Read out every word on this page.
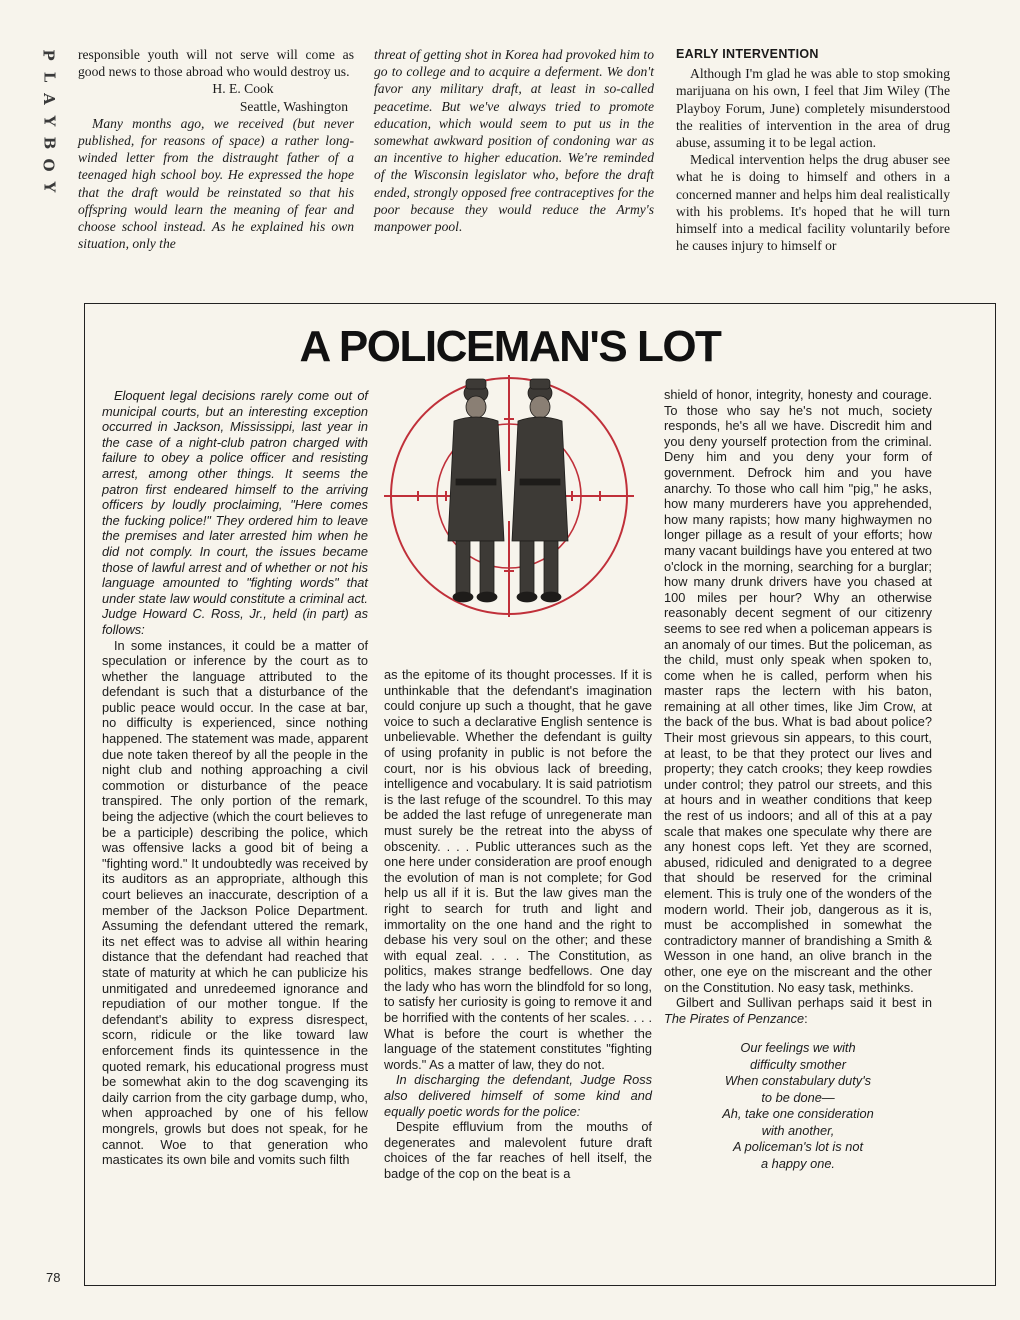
P
L
A
Y
B
O
Y

responsible youth will not serve will come as good news to those abroad who would destroy us.

H. E. Cook

Seattle, Washington

Many months ago, we received (but never published, for reasons of space) a rather long-winded letter from the distraught father of a teenaged high school boy. He expressed the hope that the draft would be reinstated so that his offspring would learn the meaning of fear and choose school instead. As he explained his own situation, only the

threat of getting shot in Korea had provoked him to go to college and to acquire a deferment. We don't favor any military draft, at least in so-called peacetime. But we've always tried to promote education, which would seem to put us in the somewhat awkward position of condoning war as an incentive to higher education. We're reminded of the Wisconsin legislator who, before the draft ended, strongly opposed free contraceptives for the poor because they would reduce the Army's manpower pool.

EARLY INTERVENTION

Although I'm glad he was able to stop smoking marijuana on his own, I feel that Jim Wiley (The Playboy Forum, June) completely misunderstood the realities of intervention in the area of drug abuse, assuming it to be legal action.

Medical intervention helps the drug abuser see what he is doing to himself and others in a concerned manner and helps him deal realistically with his problems. It's hoped that he will turn himself into a medical facility voluntarily before he causes injury to himself or

A POLICEMAN'S LOT

Eloquent legal decisions rarely come out of municipal courts, but an interesting exception occurred in Jackson, Mississippi, last year in the case of a night-club patron charged with failure to obey a police officer and resisting arrest, among other things. It seems the patron first endeared himself to the arriving officers by loudly proclaiming, "Here comes the fucking police!" They ordered him to leave the premises and later arrested him when he did not comply. In court, the issues became those of lawful arrest and of whether or not his language amounted to "fighting words" that under state law would constitute a criminal act. Judge Howard C. Ross, Jr., held (in part) as follows:

In some instances, it could be a matter of speculation or inference by the court as to whether the language attributed to the defendant is such that a disturbance of the public peace would occur. In the case at bar, no difficulty is experienced, since nothing happened. The statement was made, apparent due note taken thereof by all the people in the night club and nothing approaching a civil commotion or disturbance of the peace transpired. The only portion of the remark, being the adjective (which the court believes to be a participle) describing the police, which was offensive lacks a good bit of being a "fighting word." It undoubtedly was received by its auditors as an appropriate, although this court believes an inaccurate, description of a member of the Jackson Police Department. Assuming the defendant uttered the remark, its net effect was to advise all within hearing distance that the defendant had reached that state of maturity at which he can publicize his unmitigated and unredeemed ignorance and repudiation of our mother tongue. If the defendant's ability to express disrespect, scorn, ridicule or the like toward law enforcement finds its quintessence in the quoted remark, his educational progress must be somewhat akin to the dog scavenging its daily carrion from the city garbage dump, who, when approached by one of his fellow mongrels, growls but does not speak, for he cannot. Woe to that generation who masticates its own bile and vomits such filth

as the epitome of its thought processes. If it is unthinkable that the defendant's imagination could conjure up such a thought, that he gave voice to such a declarative English sentence is unbelievable. Whether the defendant is guilty of using profanity in public is not before the court, nor is his obvious lack of breeding, intelligence and vocabulary. It is said patriotism is the last refuge of the scoundrel. To this may be added the last refuge of unregenerate man must surely be the retreat into the abyss of obscenity. . . . Public utterances such as the one here under consideration are proof enough the evolution of man is not complete; for God help us all if it is. But the law gives man the right to search for truth and light and immortality on the one hand and the right to debase his very soul on the other; and these with equal zeal. . . . The Constitution, as politics, makes strange bedfellows. One day the lady who has worn the blindfold for so long, to satisfy her curiosity is going to remove it and be horrified with the contents of her scales. . . . What is before the court is whether the language of the statement constitutes "fighting words." As a matter of law, they do not.

In discharging the defendant, Judge Ross also delivered himself of some kind and equally poetic words for the police:

Despite effluvium from the mouths of degenerates and malevolent future draft choices of the far reaches of hell itself, the badge of the cop on the beat is a

shield of honor, integrity, honesty and courage. To those who say he's not much, society responds, he's all we have. Discredit him and you deny yourself protection from the criminal. Deny him and you deny your form of government. Defrock him and you have anarchy. To those who call him "pig," he asks, how many murderers have you apprehended, how many rapists; how many highwaymen no longer pillage as a result of your efforts; how many vacant buildings have you entered at two o'clock in the morning, searching for a burglar; how many drunk drivers have you chased at 100 miles per hour? Why an otherwise reasonably decent segment of our citizenry seems to see red when a policeman appears is an anomaly of our times. But the policeman, as the child, must only speak when spoken to, come when he is called, perform when his master raps the lectern with his baton, remaining at all other times, like Jim Crow, at the back of the bus. What is bad about police? Their most grievous sin appears, to this court, at least, to be that they protect our lives and property; they catch crooks; they keep rowdies under control; they patrol our streets, and this at hours and in weather conditions that keep the rest of us indoors; and all of this at a pay scale that makes one speculate why there are any honest cops left. Yet they are scorned, abused, ridiculed and denigrated to a degree that should be reserved for the criminal element. This is truly one of the wonders of the modern world. Their job, dangerous as it is, must be accomplished in somewhat the contradictory manner of brandishing a Smith & Wesson in one hand, an olive branch in the other, one eye on the miscreant and the other on the Constitution. No easy task, methinks.

Gilbert and Sullivan perhaps said it best in The Pirates of Penzance:

Our feelings we with
difficulty smother
When constabulary duty's
to be done—
Ah, take one consideration
with another,
A policeman's lot is not
a happy one.
78
